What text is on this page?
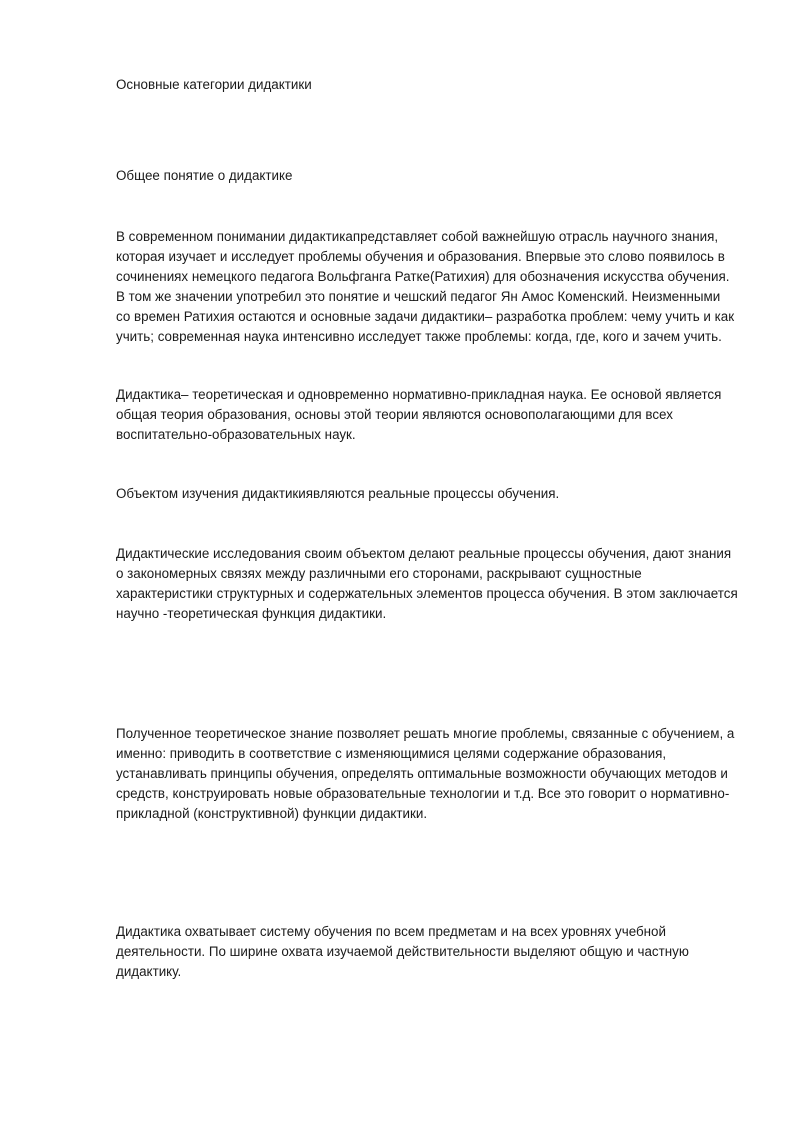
Основные категории дидактики

Общее понятие о дидактике

В современном понимании дидактикапредставляет собой важнейшую отрасль научного знания,
которая изучает и исследует проблемы обучения и образования. Впервые это слово появилось в
сочинениях немецкого педагога Вольфганга Ратке(Ратихия) для обозначения искусства обучения.
В том же значении употребил это понятие и чешский педагог Ян Амос Коменский. Неизменными
со времен Ратихия остаются и основные задачи дидактики– разработка проблем: чему учить и как
учить; современная наука интенсивно исследует также проблемы: когда, где, кого и зачем учить.

Дидактика– теоретическая и одновременно нормативно-прикладная наука. Ее основой является
общая теория образования, основы этой теории являются основополагающими для всех
воспитательно-образовательных наук.

Объектом изучения дидактикиявляются реальные процессы обучения.

Дидактические исследования своим объектом делают реальные процессы обучения, дают знания
о закономерных связях между различными его сторонами, раскрывают сущностные
характеристики структурных и содержательных элементов процесса обучения. В этом заключается
научно -теоретическая функция дидактики.

Полученное теоретическое знание позволяет решать многие проблемы, связанные с обучением, а
именно: приводить в соответствие с изменяющимися целями содержание образования,
устанавливать принципы обучения, определять оптимальные возможности обучающих методов и
средств, конструировать новые образовательные технологии и т.д. Все это говорит о нормативно-
прикладной (конструктивной) функции дидактики.

Дидактика охватывает систему обучения по всем предметам и на всех уровнях учебной
деятельности. По ширине охвата изучаемой действительности выделяют общую и частную
дидактику.
